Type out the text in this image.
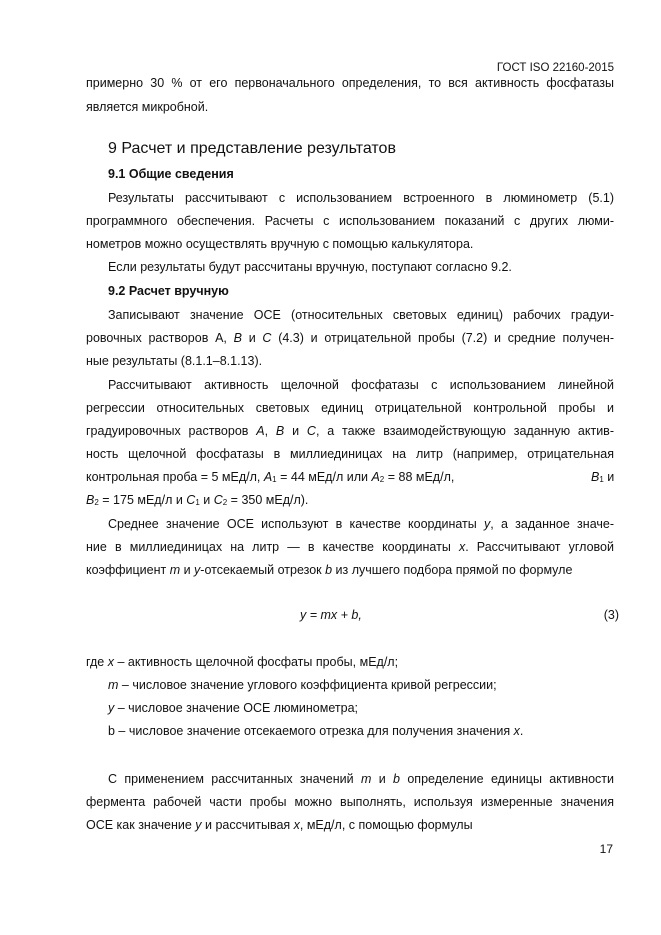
ГОСТ ISO 22160-2015
примерно 30 % от его первоначального определения, то вся активность фосфатазы
является микробной.
9 Расчет и представление результатов
9.1 Общие сведения
Результаты рассчитывают с использованием встроенного в люминометр (5.1)
программного обеспечения. Расчеты с использованием показаний с других люми-
нометров можно осуществлять вручную с помощью калькулятора.
Если результаты будут рассчитаны вручную, поступают согласно 9.2.
9.2 Расчет вручную
Записывают значение ОСЕ (относительных световых единиц) рабочих градуи-
ровочных растворов А, B и С (4.3) и отрицательной пробы (7.2) и средние получен-
ные результаты (8.1.1–8.1.13).
Рассчитывают активность щелочной фосфатазы с использованием линейной
регрессии относительных световых единиц отрицательной контрольной пробы и
градуировочных растворов А, В и С, а также взаимодействующую заданную актив-
ность щелочной фосфатазы в миллиединицах на литр (например, отрицательная
контрольная проба = 5 мЕд/л, $А_1 = 44$ мЕд/л или $А_2 = 88$ мЕд/л,	$B_1$ и
$B_2 = 175$ мЕд/л и $C_1$ и $C_2 = 350$ мЕд/л).
Среднее значение ОСЕ используют в качестве координаты y, а заданное значе-
ние в миллиединицах на литр — в качестве координаты x. Рассчитывают угловой
коэффициент m и y-отсекаемый отрезок b из лучшего подбора прямой по формуле
y = mx + b,	(3)
где x – активность щелочной фосфаты пробы, мЕд/л;
m – числовое значение углового коэффициента кривой регрессии;
y – числовое значение ОСЕ люминометра;
b – числовое значение отсекаемого отрезка для получения значения x.
С применением рассчитанных значений m и b определение единицы активности
фермента рабочей части пробы можно выполнять, используя измеренные значения
ОСЕ как значение y и рассчитывая x, мЕд/л, с помощью формулы
17
